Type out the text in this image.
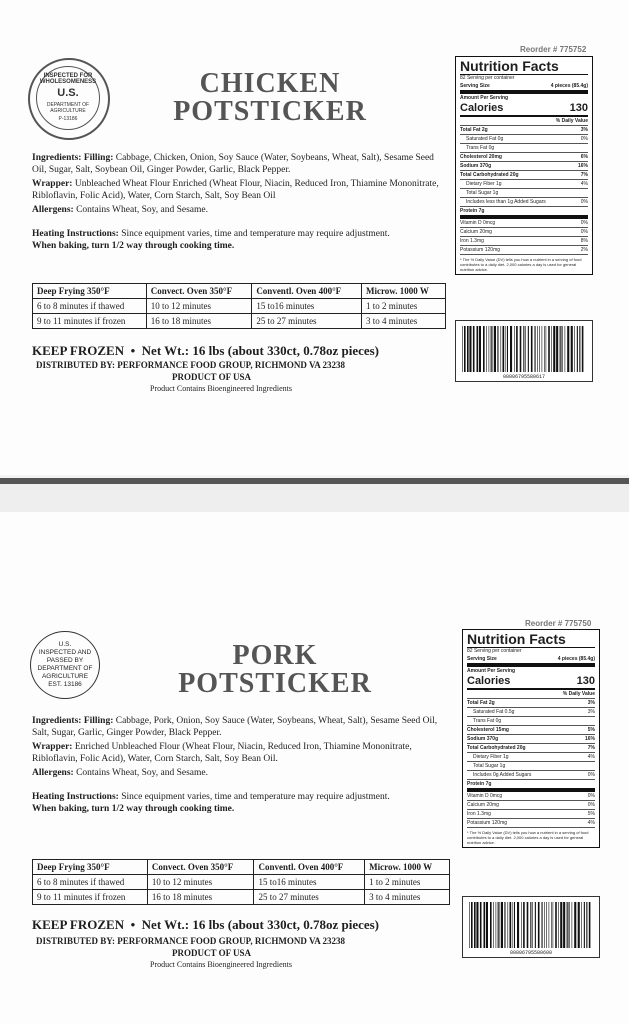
Reorder # 775752
INSPECTED FOR WHOLESOMENESS
U.S.
DEPARTMENT OF AGRICULTURE
P-13186
CHICKEN
POTSTICKER
Ingredients: Filling: Cabbage, Chicken, Onion, Soy Sauce (Water, Soybeans, Wheat, Salt), Sesame Seed Oil, Sugar, Salt, Soybean Oil, Ginger Powder, Garlic, Black Pepper.
Wrapper: Unbleached Wheat Flour Enriched (Wheat Flour, Niacin, Reduced Iron, Thiamine Mononitrate, Ribloflavin, Folic Acid), Water, Corn Starch, Salt, Soy Bean Oil
Allergens: Contains Wheat, Soy, and Sesame.
Heating Instructions: Since equipment varies, time and temperature may require adjustment.
When baking, turn 1/2 way through cooking time.
Deep Frying 350°F	Convect. Oven 350°F	Conventl. Oven 400°F	Microw. 1000 W
6 to 8 minutes if thawed	10 to 12 minutes	15 to16 minutes	1 to 2 minutes
9 to 11 minutes if frozen	16 to 18 minutes	25 to 27 minutes	3 to 4 minutes
KEEP FROZEN  •  Net Wt.: 16 lbs (about 330ct, 0.78oz pieces)
DISTRIBUTED BY: PERFORMANCE FOOD GROUP, RICHMOND VA 23238
PRODUCT OF USA
Product Contains Bioengineered Ingredients
Nutrition Facts
82 Serving per container
Serving Size	4 pieces (85.4g)
Amount Per Serving
Calories	130
% Daily Value
Total Fat 2g	3%
Saturated Fat 0g	0%
Trans Fat 0g
Cholesterol 20mg	6%
Sodium 370g	16%
Total Carbohydrated 20g	7%
Dietary Fiber 1g	4%
Total Sugar 1g
Includes less than 1g Added Sugars	0%
Protein 7g
Vitamin D 0mcg	0%
Calcium 20mg	0%
Iron 1.3mg	8%
Potassium 120mg	2%
* The % Daily Value (DV) tells you how a nutrient in a serving of food contributes to a daily diet. 2,000 calories a day is used for general nutrition advice.
00806795580617
Reorder # 775750
U.S.
INSPECTED AND PASSED BY
DEPARTMENT OF AGRICULTURE
EST. 13186
PORK
POTSTICKER
Ingredients: Filling: Cabbage, Pork, Onion, Soy Sauce (Water, Soybeans, Wheat, Salt), Sesame Seed Oil, Salt, Sugar, Garlic, Ginger Powder, Black Pepper.
Wrapper: Enriched Unbleached Flour (Wheat Flour, Niacin, Reduced Iron, Thiamine Mononitrate, Ribloflavin, Folic Acid), Water, Corn Starch, Salt, Soy Bean Oil.
Allergens: Contains Wheat, Soy, and Sesame.
Heating Instructions: Since equipment varies, time and temperature may require adjustment.
When baking, turn 1/2 way through cooking time.
Deep Frying 350°F	Convect. Oven 350°F	Conventl. Oven 400°F	Microw. 1000 W
6 to 8 minutes if thawed	10 to 12 minutes	15 to16 minutes	1 to 2 minutes
9 to 11 minutes if frozen	16 to 18 minutes	25 to 27 minutes	3 to 4 minutes
KEEP FROZEN  •  Net Wt.: 16 lbs (about 330ct, 0.78oz pieces)
DISTRIBUTED BY: PERFORMANCE FOOD GROUP, RICHMOND VA 23238
PRODUCT OF USA
Product Contains Bioengineered Ingredients
Nutrition Facts
82 Serving per container
Serving Size	4 pieces (85.4g)
Amount Per Serving
Calories	130
% Daily Value
Total Fat 2g	3%
Saturated Fat 0.5g	3%
Trans Fat 0g
Cholesterol 15mg	5%
Sodium 370g	16%
Total Carbohydrated 20g	7%
Dietary Fiber 1g	4%
Total Sugar 1g
Includes 0g Added Sugars	0%
Protein 7g
Vitamin D 0mcg	0%
Calcium 20mg	0%
Iron 1.3mg	5%
Potassium 120mg	4%
* The % Daily Value (DV) tells you how a nutrient in a serving of food contributes to a daily diet. 2,000 calories a day is used for general nutrition advice.
00806795580600
